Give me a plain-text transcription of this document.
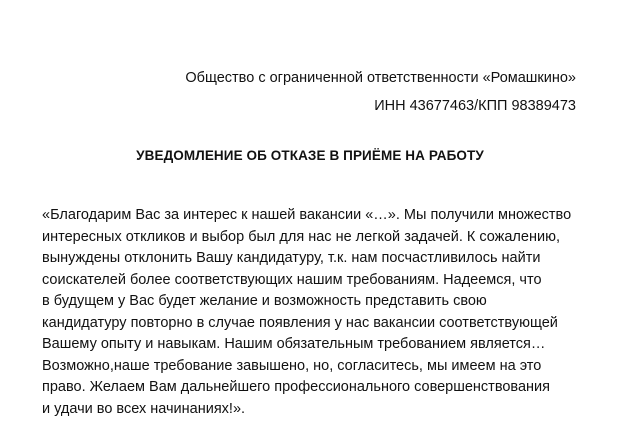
Общество с ограниченной ответственности «Ромашкино»
ИНН 43677463/КПП 98389473
УВЕДОМЛЕНИЕ ОБ ОТКАЗЕ В ПРИЁМЕ НА РАБОТУ
«Благодарим Вас за интерес к нашей вакансии «…». Мы получили множество
интересных откликов и выбор был для нас не легкой задачей. К сожалению,
вынуждены отклонить Вашу кандидатуру, т.к. нам посчастливилось найти
соискателей более соответствующих нашим требованиям. Надеемся, что
в будущем у Вас будет желание и возможность представить свою
кандидатуру повторно в случае появления у нас вакансии соответствующей
Вашему опыту и навыкам. Нашим обязательным требованием является…
Возможно,наше требование завышено, но, согласитесь, мы имеем на это
право. Желаем Вам дальнейшего профессионального совершенствования
и удачи во всех начинаниях!».
